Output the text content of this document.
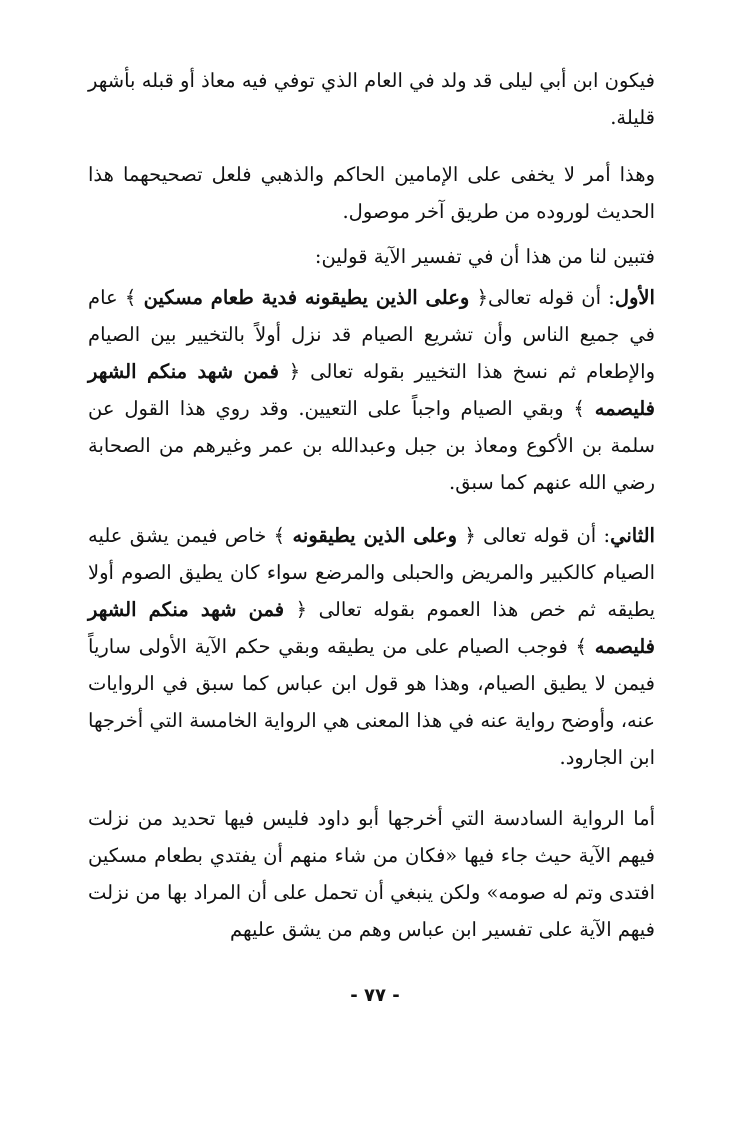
فيكون ابن أبي ليلى قد ولد في العام الذي توفي فيه معاذ أو قبله بأشهر قليلة.

وهذا أمر لا يخفى على الإمامين الحاكم والذهبي فلعل تصحيحهما هذا الحديث لوروده من طريق آخر موصول.

فتبين لنا من هذا أن في تفسير الآية قولين:

الأول: أن قوله تعالى﴿ وعلى الذين يطيقونه فدية طعام مسكين ﴾ عام في جميع الناس وأن تشريع الصيام قد نزل أولاً بالتخيير بين الصيام والإطعام ثم نسخ هذا التخيير بقوله تعالى ﴿ فمن شهد منكم الشهر فليصمه ﴾ وبقي الصيام واجباً على التعيين. وقد روي هذا القول عن سلمة بن الأكوع ومعاذ بن جبل وعبدالله بن عمر وغيرهم من الصحابة رضي الله عنهم كما سبق.

الثاني: أن قوله تعالى ﴿ وعلى الذين يطيقونه ﴾ خاص فيمن يشق عليه الصيام كالكبير والمريض والحبلى والمرضع سواء كان يطيق الصوم أولا يطيقه ثم خص هذا العموم بقوله تعالى ﴿ فمن شهد منكم الشهر فليصمه ﴾ فوجب الصيام على من يطيقه وبقي حكم الآية الأولى سارياً فيمن لا يطيق الصيام، وهذا هو قول ابن عباس كما سبق في الروايات عنه، وأوضح رواية عنه في هذا المعنى هي الرواية الخامسة التي أخرجها ابن الجارود.

أما الرواية السادسة التي أخرجها أبو داود فليس فيها تحديد من نزلت فيهم الآية حيث جاء فيها «فكان من شاء منهم أن يفتدي بطعام مسكين افتدى وتم له صومه» ولكن ينبغي أن تحمل على أن المراد بها من نزلت فيهم الآية على تفسير ابن عباس وهم من يشق عليهم

- ٧٧ -
